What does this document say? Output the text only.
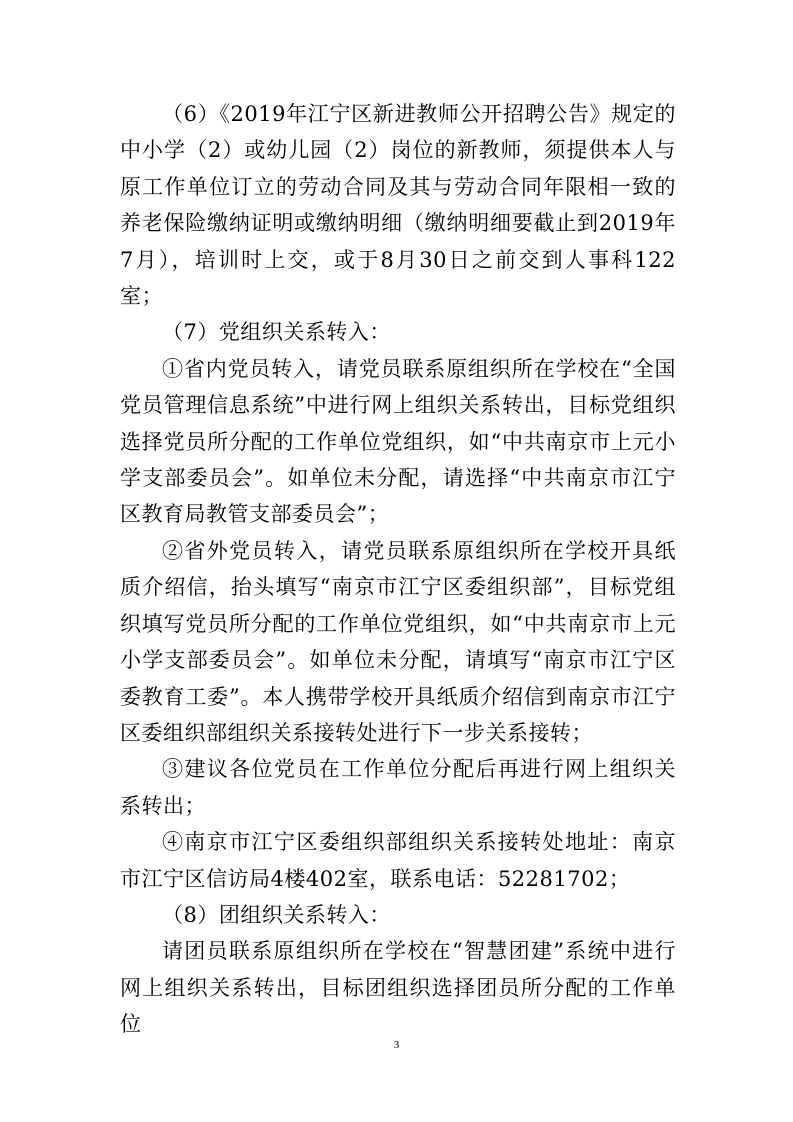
（6）《2019年江宁区新进教师公开招聘公告》规定的中小学（2）或幼儿园（2）岗位的新教师，须提供本人与原工作单位订立的劳动合同及其与劳动合同年限相一致的养老保险缴纳证明或缴纳明细（缴纳明细要截止到2019年7月），培训时上交，或于8月30日之前交到人事科122室；

（7）党组织关系转入：

①省内党员转入，请党员联系原组织所在学校在“全国党员管理信息系统”中进行网上组织关系转出，目标党组织选择党员所分配的工作单位党组织，如“中共南京市上元小学支部委员会”。如单位未分配，请选择“中共南京市江宁区教育局教管支部委员会”；

②省外党员转入，请党员联系原组织所在学校开具纸质介绍信，抬头填写“南京市江宁区委组织部”，目标党组织填写党员所分配的工作单位党组织，如“中共南京市上元小学支部委员会”。如单位未分配，请填写“南京市江宁区委教育工委”。本人携带学校开具纸质介绍信到南京市江宁区委组织部组织关系接转处进行下一步关系接转；

③建议各位党员在工作单位分配后再进行网上组织关系转出；

④南京市江宁区委组织部组织关系接转处地址：南京市江宁区信访局4楼402室，联系电话：52281702；

（8）团组织关系转入：

请团员联系原组织所在学校在“智慧团建”系统中进行网上组织关系转出，目标团组织选择团员所分配的工作单位

3
